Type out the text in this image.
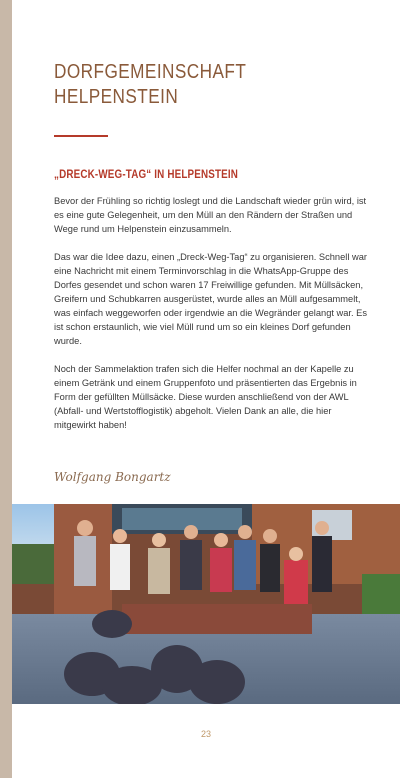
DORFGEMEINSCHAFT
HELPENSTEIN
„DRECK-WEG-TAG“ IN HELPENSTEIN

Bevor der Frühling so richtig loslegt und die Landschaft wieder grün wird, ist es eine gute Gelegenheit, um den Müll an den Rändern der Straßen und Wege rund um Helpenstein einzusammeln.

Das war die Idee dazu, einen „Dreck-Weg-Tag“ zu organisieren. Schnell war eine Nachricht mit einem Terminvorschlag in die WhatsApp-Gruppe des Dorfes gesendet und schon waren 17 Freiwillige gefunden. Mit Müllsäcken, Greifern und Schubkarren ausgerüstet, wurde alles an Müll aufgesammelt, was einfach weggeworfen oder irgendwie an die Wegränder gelangt war. Es ist schon erstaunlich, wie viel Müll rund um so ein kleines Dorf gefunden wurde.

Noch der Sammelaktion trafen sich die Helfer nochmal an der Kapelle zu einem Getränk und einem Gruppenfoto und präsentierten das Ergebnis in Form der gefüllten Müllsäcke. Diese wurden anschließend von der AWL (Abfall- und Wertstofflogistik) abgeholt. Vielen Dank an alle, die hier mitgewirkt haben!

Wolfgang Bongartz
23
